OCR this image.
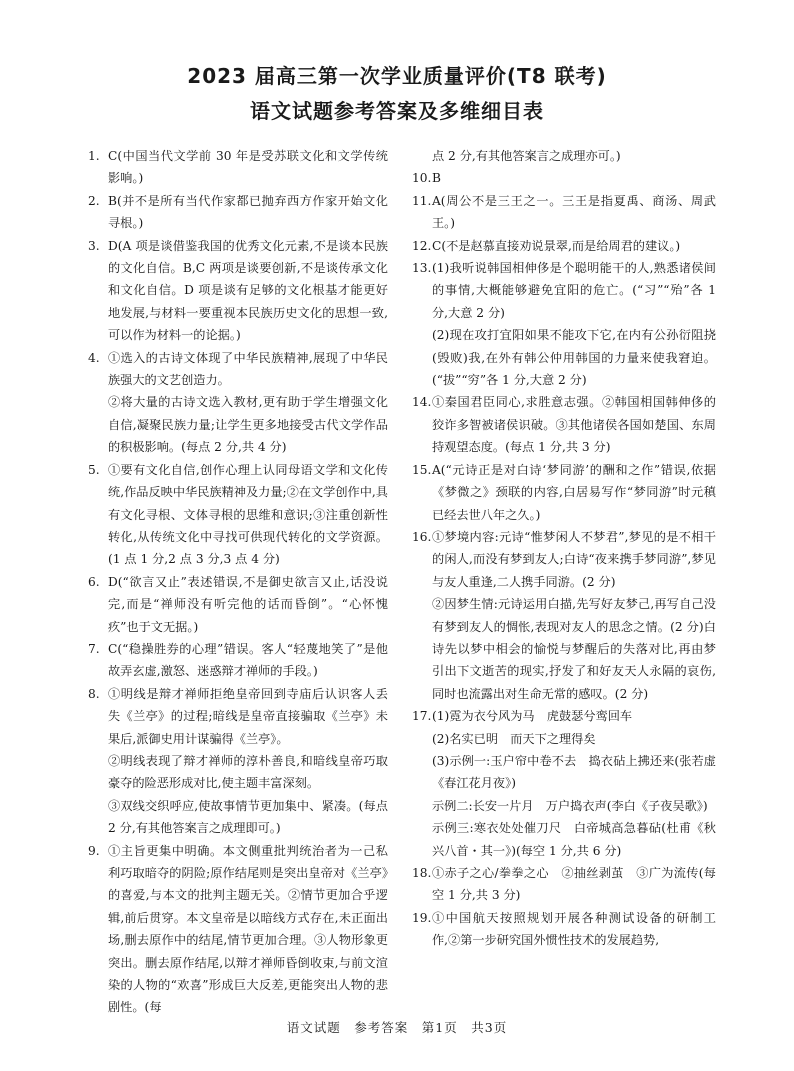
2023 届高三第一次学业质量评价(T8 联考)
语文试题参考答案及多维细目表
1. C(中国当代文学前 30 年是受苏联文化和文学传统影响。)
2. B(并不是所有当代作家都已抛弃西方作家开始文化寻根。)
3. D(A 项是谈借鉴我国的优秀文化元素,不是谈本民族的文化自信。B,C 两项是谈要创新,不是谈传承文化和文化自信。D 项是谈有足够的文化根基才能更好地发展,与材料一要重视本民族历史文化的思想一致,可以作为材料一的论据。)
4. ①选入的古诗文体现了中华民族精神,展现了中华民族强大的文艺创造力。
②将大量的古诗文选入教材,更有助于学生增强文化自信,凝聚民族力量;让学生更多地接受古代文学作品的积极影响。(每点 2 分,共 4 分)
5. ①要有文化自信,创作心理上认同母语文学和文化传统,作品反映中华民族精神及力量;②在文学创作中,具有文化寻根、文体寻根的思维和意识;③注重创新性转化,从传统文化中寻找可供现代转化的文学资源。(1 点 1 分,2 点 3 分,3 点 4 分)
6. D(“欲言又止”表述错误,不是御史欲言又止,话没说完,而是“禅师没有听完他的话而昏倒”。“心怀愧疚”也于文无据。)
7. C(“稳操胜券的心理”错误。客人“轻蔑地笑了”是他故弄玄虚,激怒、迷惑辩才禅师的手段。)
8. ①明线是辩才禅师拒绝皇帝回到寺庙后认识客人丢失《兰亭》的过程;暗线是皇帝直接骗取《兰亭》未果后,派御史用计谋骗得《兰亭》。
②明线表现了辩才禅师的淳朴善良,和暗线皇帝巧取豪夺的险恶形成对比,使主题丰富深刻。
③双线交织呼应,使故事情节更加集中、紧凑。(每点 2 分,有其他答案言之成理即可。)
9. ①主旨更集中明确。本文侧重批判统治者为一己私利巧取暗夺的阴险;原作结尾则是突出皇帝对《兰亭》的喜爱,与本文的批判主题无关。②情节更加合乎逻辑,前后贯穿。本文皇帝是以暗线方式存在,未正面出场,删去原作中的结尾,情节更加合理。③人物形象更突出。删去原作结尾,以辩才禅师昏倒收束,与前文渲染的人物的“欢喜”形成巨大反差,更能突出人物的悲剧性。(每
点 2 分,有其他答案言之成理亦可。)
10. B
11. A(周公不是三王之一。三王是指夏禹、商汤、周武王。)
12. C(不是赵慕直接劝说景翠,而是给周君的建议。)
13. (1)我听说韩国相伸侈是个聪明能干的人,熟悉诸侯间的事情,大概能够避免宜阳的危亡。(“习”“殆”各 1 分,大意 2 分)
(2)现在攻打宜阳如果不能攻下它,在内有公孙衍阻挠(毁败)我,在外有韩公仲用韩国的力量来使我窘迫。(“拔”“穷”各 1 分,大意 2 分)
14. ①秦国君臣同心,求胜意志强。②韩国相国韩伸侈的狡诈多智被诸侯识破。③其他诸侯各国如楚国、东周持观望态度。(每点 1 分,共 3 分)
15. A(“元诗正是对白诗‘梦同游’的酬和之作”错误,依据《梦微之》颈联的内容,白居易写作“梦同游”时元稹已经去世八年之久。)
16. ①梦境内容:元诗“惟梦闲人不梦君”,梦见的是不相干的闲人,而没有梦到友人;白诗“夜来携手梦同游”,梦见与友人重逢,二人携手同游。(2 分)
②因梦生情:元诗运用白描,先写好友梦己,再写自己没有梦到友人的惆怅,表现对友人的思念之情。(2 分)白诗先以梦中相会的愉悦与梦醒后的失落对比,再由梦引出下文逝苦的现实,抒发了和好友天人永隔的哀伤,同时也流露出对生命无常的感叹。(2 分)
17. (1)霓为衣兮风为马　虎鼓瑟兮鸾回车
(2)名实已明　而天下之理得矣
(3)示例一:玉户帘中卷不去　捣衣砧上拂还来(张若虚《春江花月夜》)
示例二:长安一片月　万户捣衣声(李白《子夜吴歌》)
示例三:寒衣处处催刀尺　白帝城高急暮砧(杜甫《秋兴八首・其一》)(每空 1 分,共 6 分)
18. ①赤子之心/拳拳之心　②抽丝剥茧　③广为流传(每空 1 分,共 3 分)
19. ①中国航天按照规划开展各种测试设备的研制工作,②第一步研究国外惯性技术的发展趋势,
语文试题　参考答案　第1页　共3页
